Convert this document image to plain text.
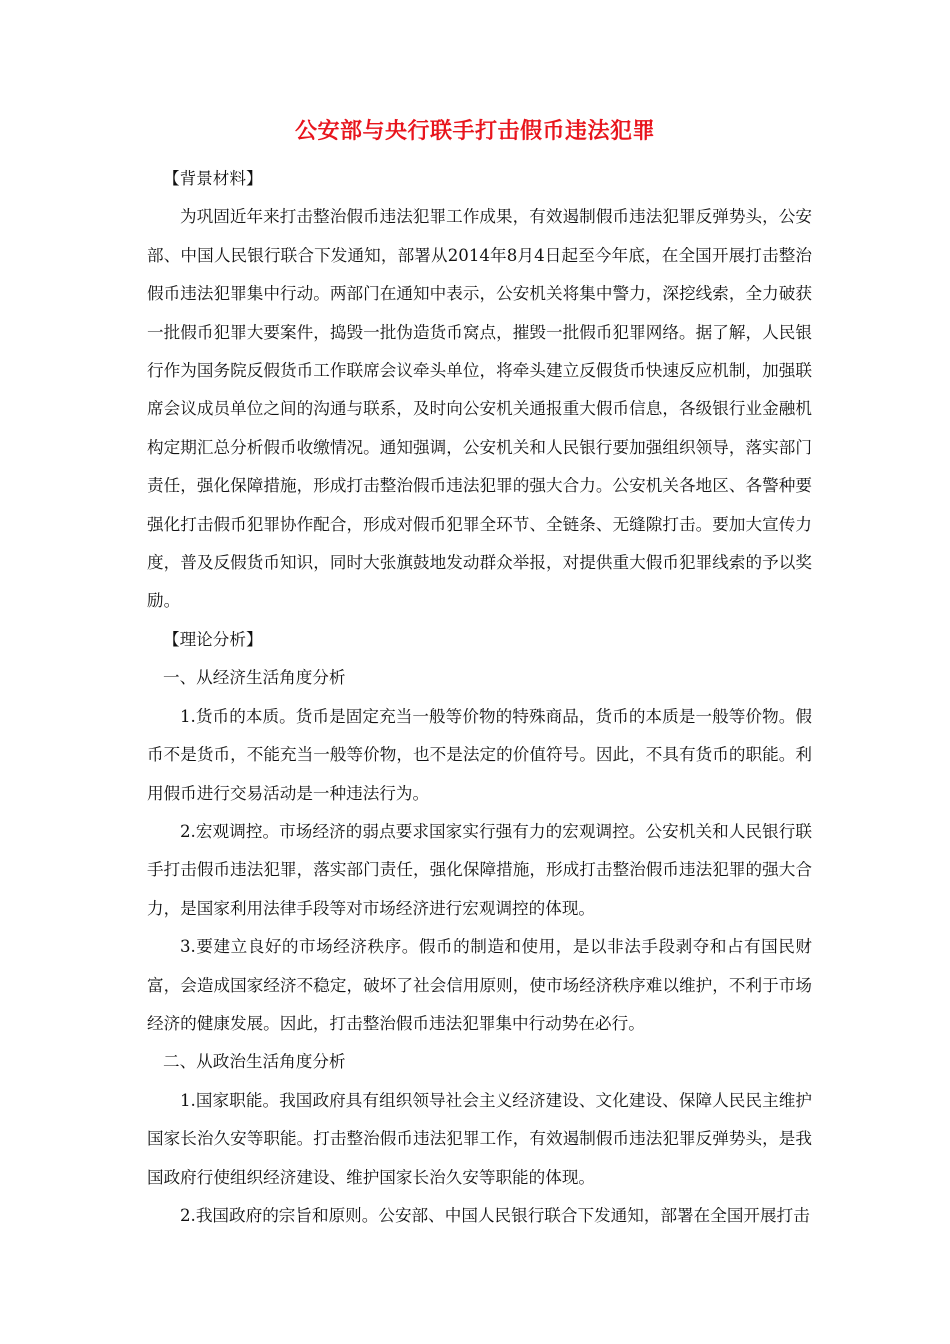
公安部与央行联手打击假币违法犯罪

【背景材料】

为巩固近年来打击整治假币违法犯罪工作成果，有效遏制假币违法犯罪反弹势头，公安部、中国人民银行联合下发通知，部署从2014年8月4日起至今年底，在全国开展打击整治假币违法犯罪集中行动。两部门在通知中表示，公安机关将集中警力，深挖线索，全力破获一批假币犯罪大要案件，捣毁一批伪造货币窝点，摧毁一批假币犯罪网络。据了解，人民银行作为国务院反假货币工作联席会议牵头单位，将牵头建立反假货币快速反应机制，加强联席会议成员单位之间的沟通与联系，及时向公安机关通报重大假币信息，各级银行业金融机构定期汇总分析假币收缴情况。通知强调，公安机关和人民银行要加强组织领导，落实部门责任，强化保障措施，形成打击整治假币违法犯罪的强大合力。公安机关各地区、各警种要强化打击假币犯罪协作配合，形成对假币犯罪全环节、全链条、无缝隙打击。要加大宣传力度，普及反假货币知识，同时大张旗鼓地发动群众举报，对提供重大假币犯罪线索的予以奖励。

【理论分析】

一、从经济生活角度分析

1.货币的本质。货币是固定充当一般等价物的特殊商品，货币的本质是一般等价物。假币不是货币，不能充当一般等价物，也不是法定的价值符号。因此，不具有货币的职能。利用假币进行交易活动是一种违法行为。

2.宏观调控。市场经济的弱点要求国家实行强有力的宏观调控。公安机关和人民银行联手打击假币违法犯罪，落实部门责任，强化保障措施，形成打击整治假币违法犯罪的强大合力，是国家利用法律手段等对市场经济进行宏观调控的体现。

3.要建立良好的市场经济秩序。假币的制造和使用，是以非法手段剥夺和占有国民财富，会造成国家经济不稳定，破坏了社会信用原则，使市场经济秩序难以维护，不利于市场经济的健康发展。因此，打击整治假币违法犯罪集中行动势在必行。

二、从政治生活角度分析

1.国家职能。我国政府具有组织领导社会主义经济建设、文化建设、保障人民民主维护国家长治久安等职能。打击整治假币违法犯罪工作，有效遏制假币违法犯罪反弹势头，是我国政府行使组织经济建设、维护国家长治久安等职能的体现。

2.我国政府的宗旨和原则。公安部、中国人民银行联合下发通知，部署在全国开展打击
